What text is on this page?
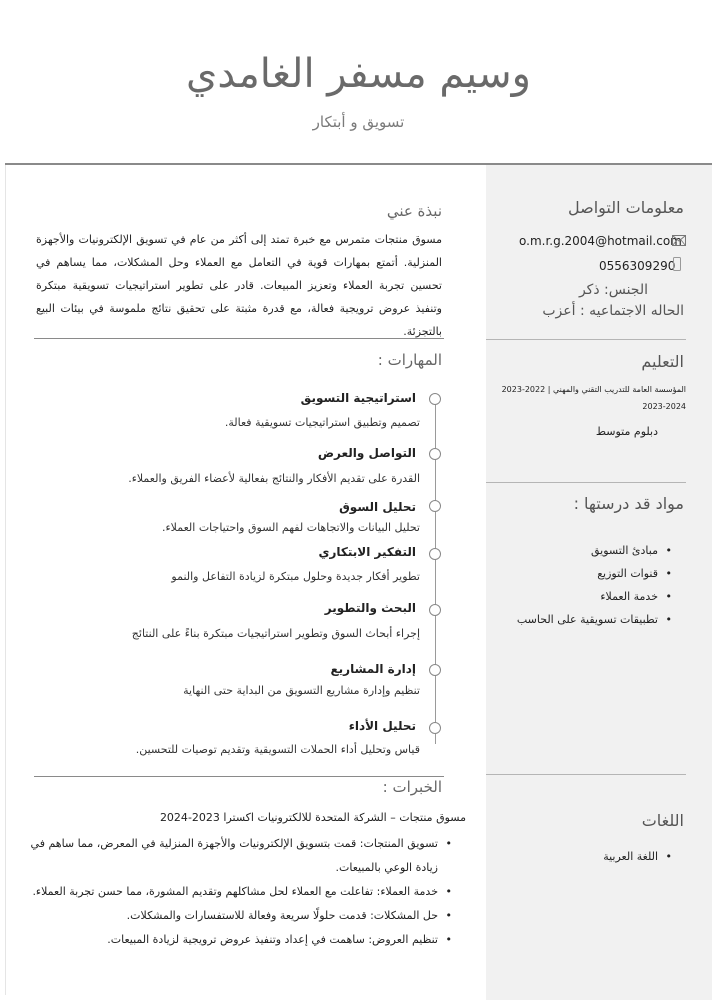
وسيم مسفر الغامدي
تسويق و أبتكار
معلومات التواصل
o.m.r.g.2004@hotmail.com
0556309290
الجنس: ذكر
الحاله الاجتماعيه : أعزب
التعليم
المؤسسة العامة للتدريب التقني والمهني | 2022-2023
2023-2024
دبلوم متوسط
مواد قد درستها :
• مبادئ التسويق
• قنوات التوزيع
• خدمة العملاء
• تطبيقات تسويقية على الحاسب
اللغات
• اللغة العربية
نبذة عني
مسوق منتجات متمرس مع خبرة تمتد إلى أكثر من عام في تسويق الإلكترونيات والأجهزة المنزلية. أتمتع بمهارات قوية في التعامل مع العملاء وحل المشكلات، مما يساهم في تحسين تجربة العملاء وتعزيز المبيعات. قادر على تطوير استراتيجيات تسويقية مبتكرة وتنفيذ عروض ترويجية فعالة، مع قدرة مثبتة على تحقيق نتائج ملموسة في بيئات البيع بالتجزئة.
المهارات :
استراتيجية التسويق
تصميم وتطبيق استراتيجيات تسويقية فعالة.
التواصل والعرض
القدرة على تقديم الأفكار والنتائج بفعالية لأعضاء الفريق والعملاء.
تحليل السوق
تحليل البيانات والاتجاهات لفهم السوق واحتياجات العملاء.
التفكير الابتكاري
تطوير أفكار جديدة وحلول مبتكرة لزيادة التفاعل والنمو
البحث والتطوير
إجراء أبحاث السوق وتطوير استراتيجيات مبتكرة بناءً على النتائج
إدارة المشاريع
تنظيم وإدارة مشاريع التسويق من البداية حتى النهاية
تحليل الأداء
قياس وتحليل أداء الحملات التسويقية وتقديم توصيات للتحسين.
الخبرات :
مسوق منتجات – الشركة المتحدة للالكترونيات اكسترا 2023-2024
• تسويق المنتجات: قمت بتسويق الإلكترونيات والأجهزة المنزلية في المعرض، مما ساهم في زيادة الوعي بالمبيعات.
• خدمة العملاء: تفاعلت مع العملاء لحل مشاكلهم وتقديم المشورة، مما حسن تجربة العملاء.
• حل المشكلات: قدمت حلولًا سريعة وفعالة للاستفسارات والمشكلات.
• تنظيم العروض: ساهمت في إعداد وتنفيذ عروض ترويجية لزيادة المبيعات.
